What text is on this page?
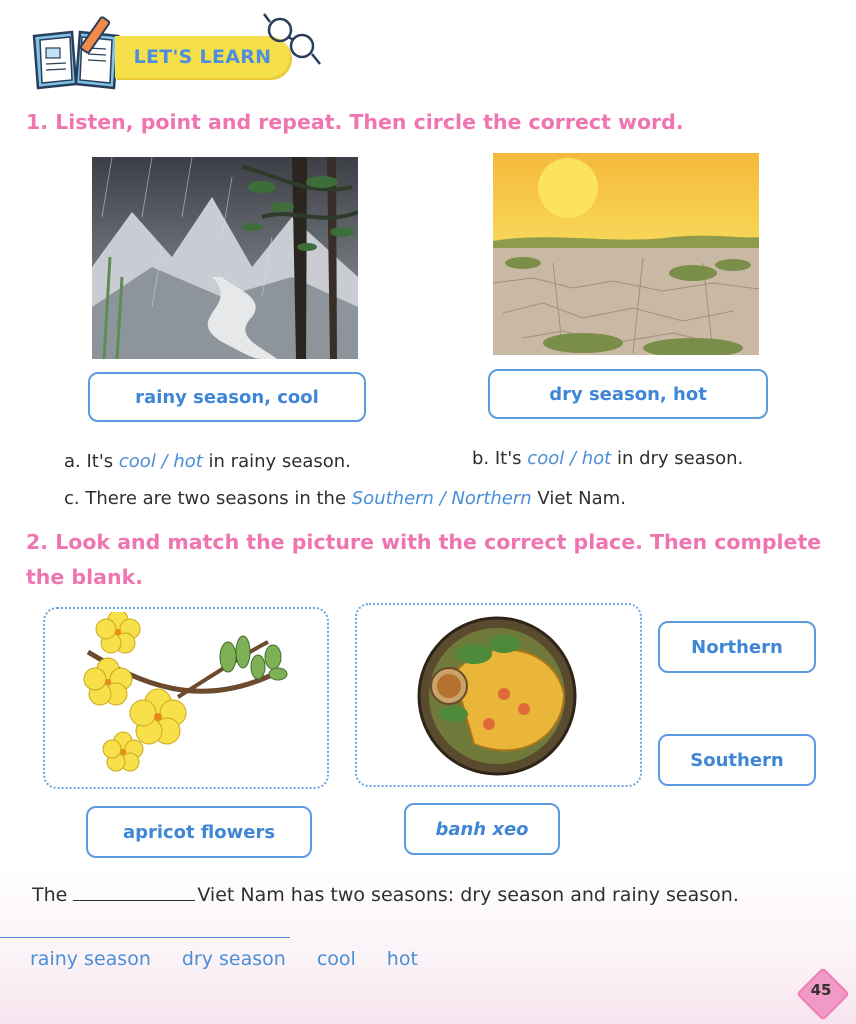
LET'S LEARN
1. Listen, point and repeat. Then circle the correct word.
rainy season, cool	dry season, hot
a. It's cool / hot in rainy season.	b. It's cool / hot in dry season.
c. There are two seasons in the Southern / Northern Viet Nam.
2. Look and match the picture with the correct place. Then complete the blank.
Northern
Southern
apricot flowers	banh xeo
The	Viet Nam has two seasons: dry season and rainy season.
rainy season dry season cool hot
45
